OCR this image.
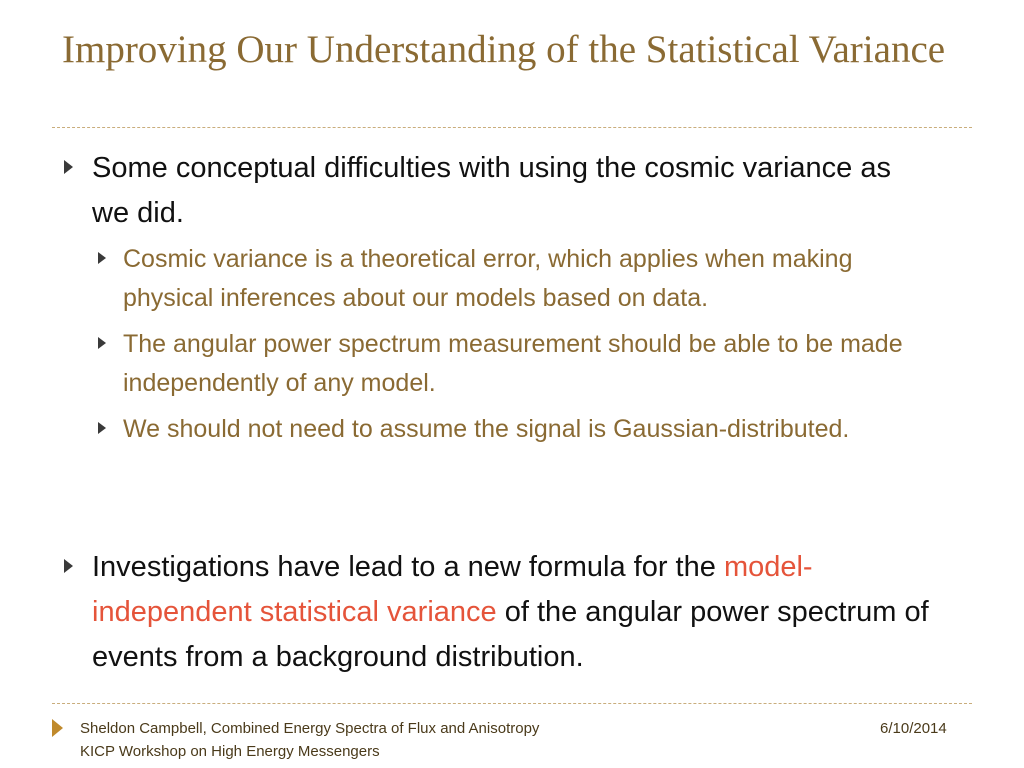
Improving Our Understanding of the Statistical Variance
Some conceptual difficulties with using the cosmic variance as we did.
Cosmic variance is a theoretical error, which applies when making physical inferences about our models based on data.
The angular power spectrum measurement should be able to be made independently of any model.
We should not need to assume the signal is Gaussian-distributed.
Investigations have lead to a new formula for the model-independent statistical variance of the angular power spectrum of events from a background distribution.
Sheldon Campbell, Combined Energy Spectra of Flux and Anisotropy
KICP Workshop on High Energy Messengers
6/10/2014
